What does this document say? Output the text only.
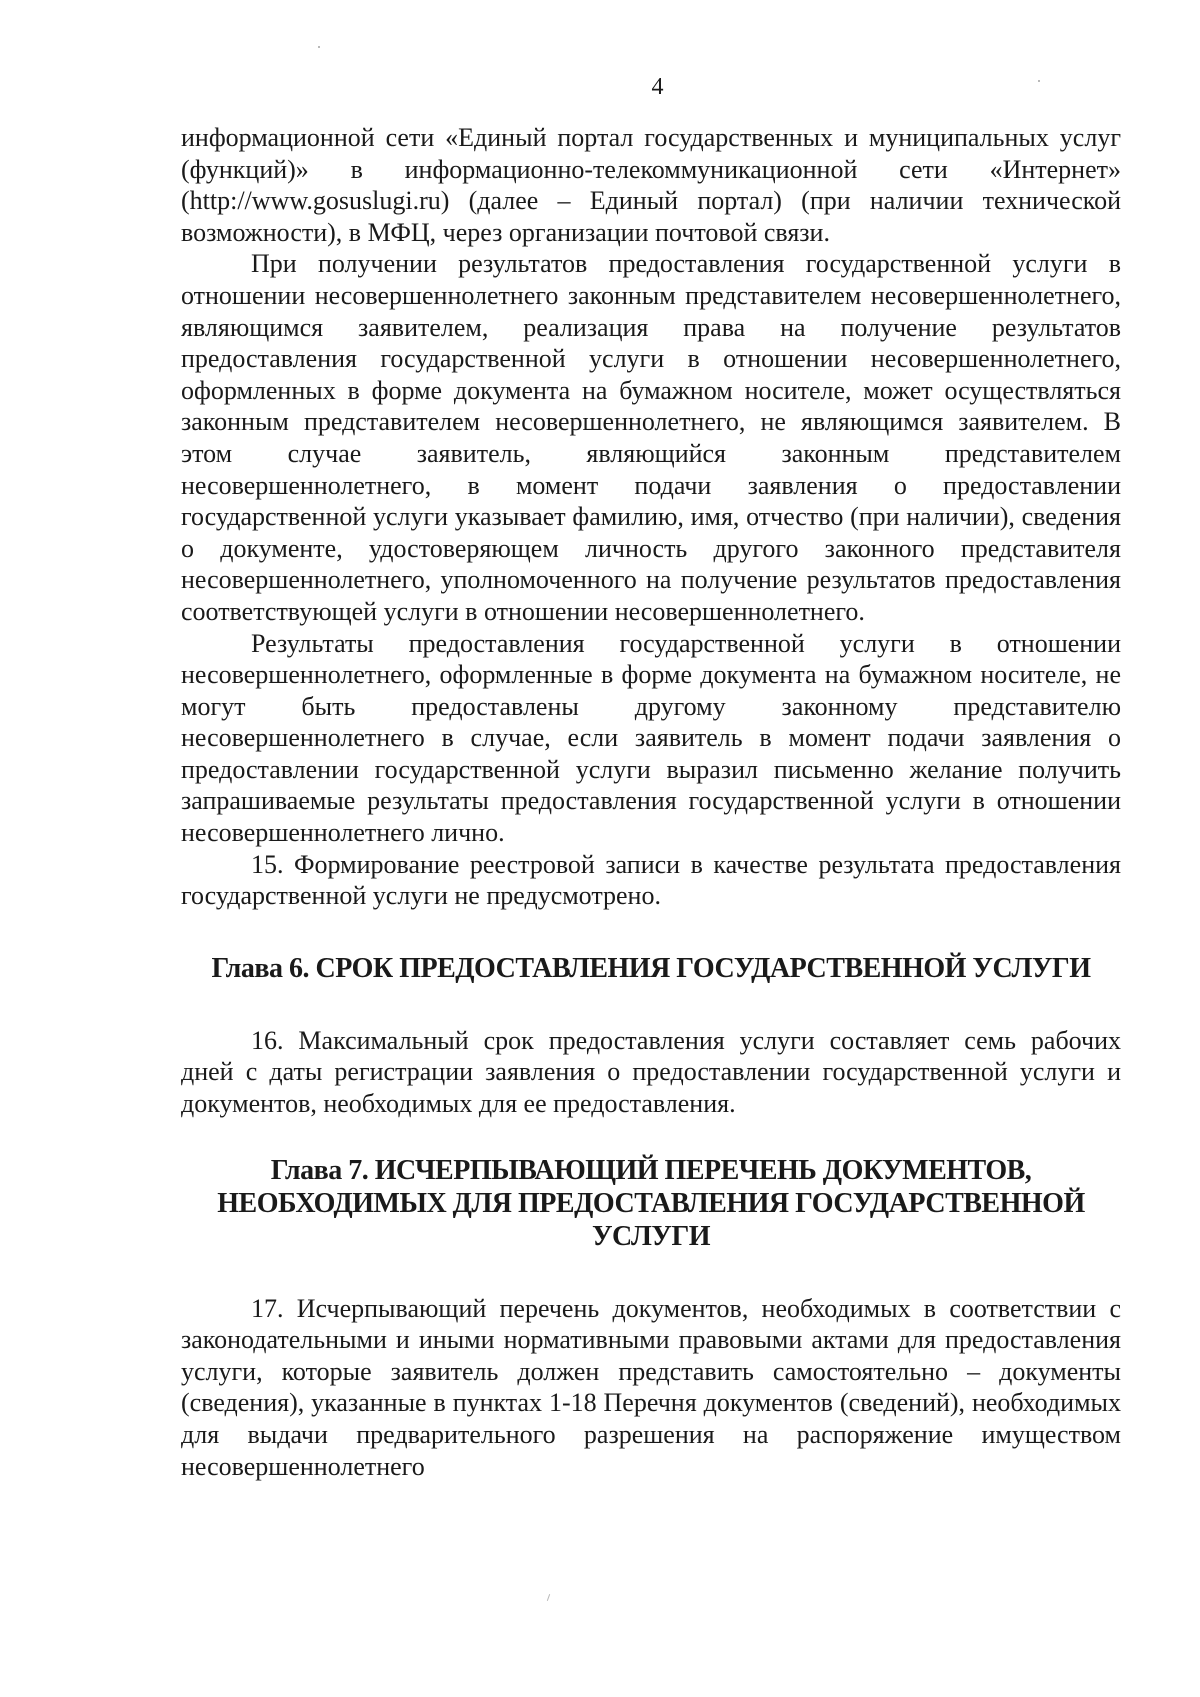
4

информационной сети «Единый портал государственных и муниципальных услуг (функций)» в информационно-телекоммуникационной сети «Интернет» (http://www.gosuslugi.ru) (далее – Единый портал) (при наличии технической возможности), в МФЦ, через организации почтовой связи.

При получении результатов предоставления государственной услуги в отношении несовершеннолетнего законным представителем несовершеннолетнего, являющимся заявителем, реализация права на получение результатов предоставления государственной услуги в отношении несовершеннолетнего, оформленных в форме документа на бумажном носителе, может осуществляться законным представителем несовершеннолетнего, не являющимся заявителем. В этом случае заявитель, являющийся законным представителем несовершеннолетнего, в момент подачи заявления о предоставлении государственной услуги указывает фамилию, имя, отчество (при наличии), сведения о документе, удостоверяющем личность другого законного представителя несовершеннолетнего, уполномоченного на получение результатов предоставления соответствующей услуги в отношении несовершеннолетнего.

Результаты предоставления государственной услуги в отношении несовершеннолетнего, оформленные в форме документа на бумажном носителе, не могут быть предоставлены другому законному представителю несовершеннолетнего в случае, если заявитель в момент подачи заявления о предоставлении государственной услуги выразил письменно желание получить запрашиваемые результаты предоставления государственной услуги в отношении несовершеннолетнего лично.

15. Формирование реестровой записи в качестве результата предоставления государственной услуги не предусмотрено.

Глава 6. СРОК ПРЕДОСТАВЛЕНИЯ ГОСУДАРСТВЕННОЙ УСЛУГИ

16. Максимальный срок предоставления услуги составляет семь рабочих дней с даты регистрации заявления о предоставлении государственной услуги и документов, необходимых для ее предоставления.

Глава 7. ИСЧЕРПЫВАЮЩИЙ ПЕРЕЧЕНЬ ДОКУМЕНТОВ,
НЕОБХОДИМЫХ ДЛЯ ПРЕДОСТАВЛЕНИЯ ГОСУДАРСТВЕННОЙ
УСЛУГИ

17. Исчерпывающий перечень документов, необходимых в соответствии с законодательными и иными нормативными правовыми актами для предоставления услуги, которые заявитель должен представить самостоятельно – документы (сведения), указанные в пунктах 1-18 Перечня документов (сведений), необходимых для выдачи предварительного разрешения на распоряжение имуществом несовершеннолетнего
